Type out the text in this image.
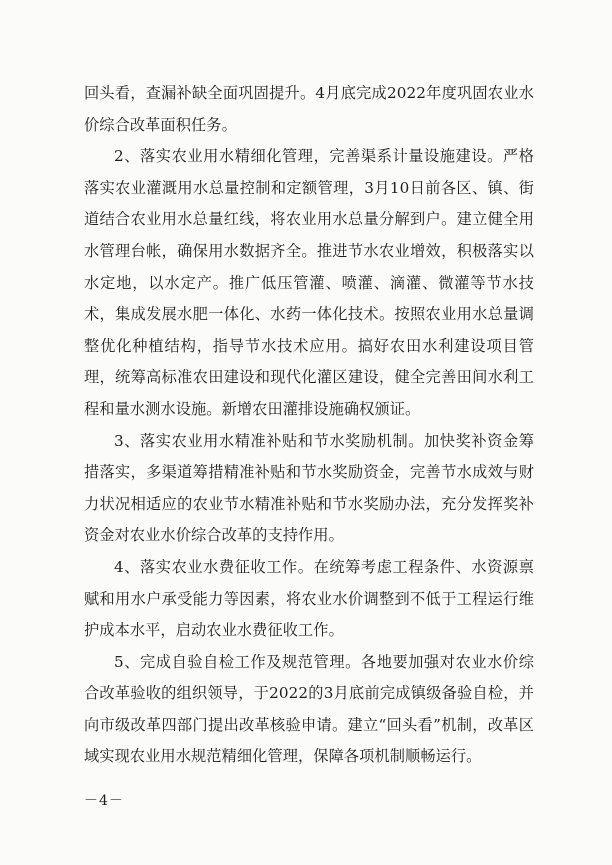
回头看，查漏补缺全面巩固提升。4月底完成2022年度巩固农业水价综合改革面积任务。

2、落实农业用水精细化管理，完善渠系计量设施建设。严格落实农业灌溉用水总量控制和定额管理，3月10日前各区、镇、街道结合农业用水总量红线，将农业用水总量分解到户。建立健全用水管理台帐，确保用水数据齐全。推进节水农业增效，积极落实以水定地，以水定产。推广低压管灌、喷灌、滴灌、微灌等节水技术，集成发展水肥一体化、水药一体化技术。按照农业用水总量调整优化种植结构，指导节水技术应用。搞好农田水利建设项目管理，统筹高标准农田建设和现代化灌区建设，健全完善田间水利工程和量水测水设施。新增农田灌排设施确权颁证。

3、落实农业用水精准补贴和节水奖励机制。加快奖补资金筹措落实，多渠道筹措精准补贴和节水奖励资金，完善节水成效与财力状况相适应的农业节水精准补贴和节水奖励办法，充分发挥奖补资金对农业水价综合改革的支持作用。

4、落实农业水费征收工作。在统筹考虑工程条件、水资源禀赋和用水户承受能力等因素，将农业水价调整到不低于工程运行维护成本水平，启动农业水费征收工作。

5、完成自验自检工作及规范管理。各地要加强对农业水价综合改革验收的组织领导，于2022的3月底前完成镇级备验自检，并向市级改革四部门提出改革核验申请。建立“回头看”机制，改革区域实现农业用水规范精细化管理，保障各项机制顺畅运行。

－4－
